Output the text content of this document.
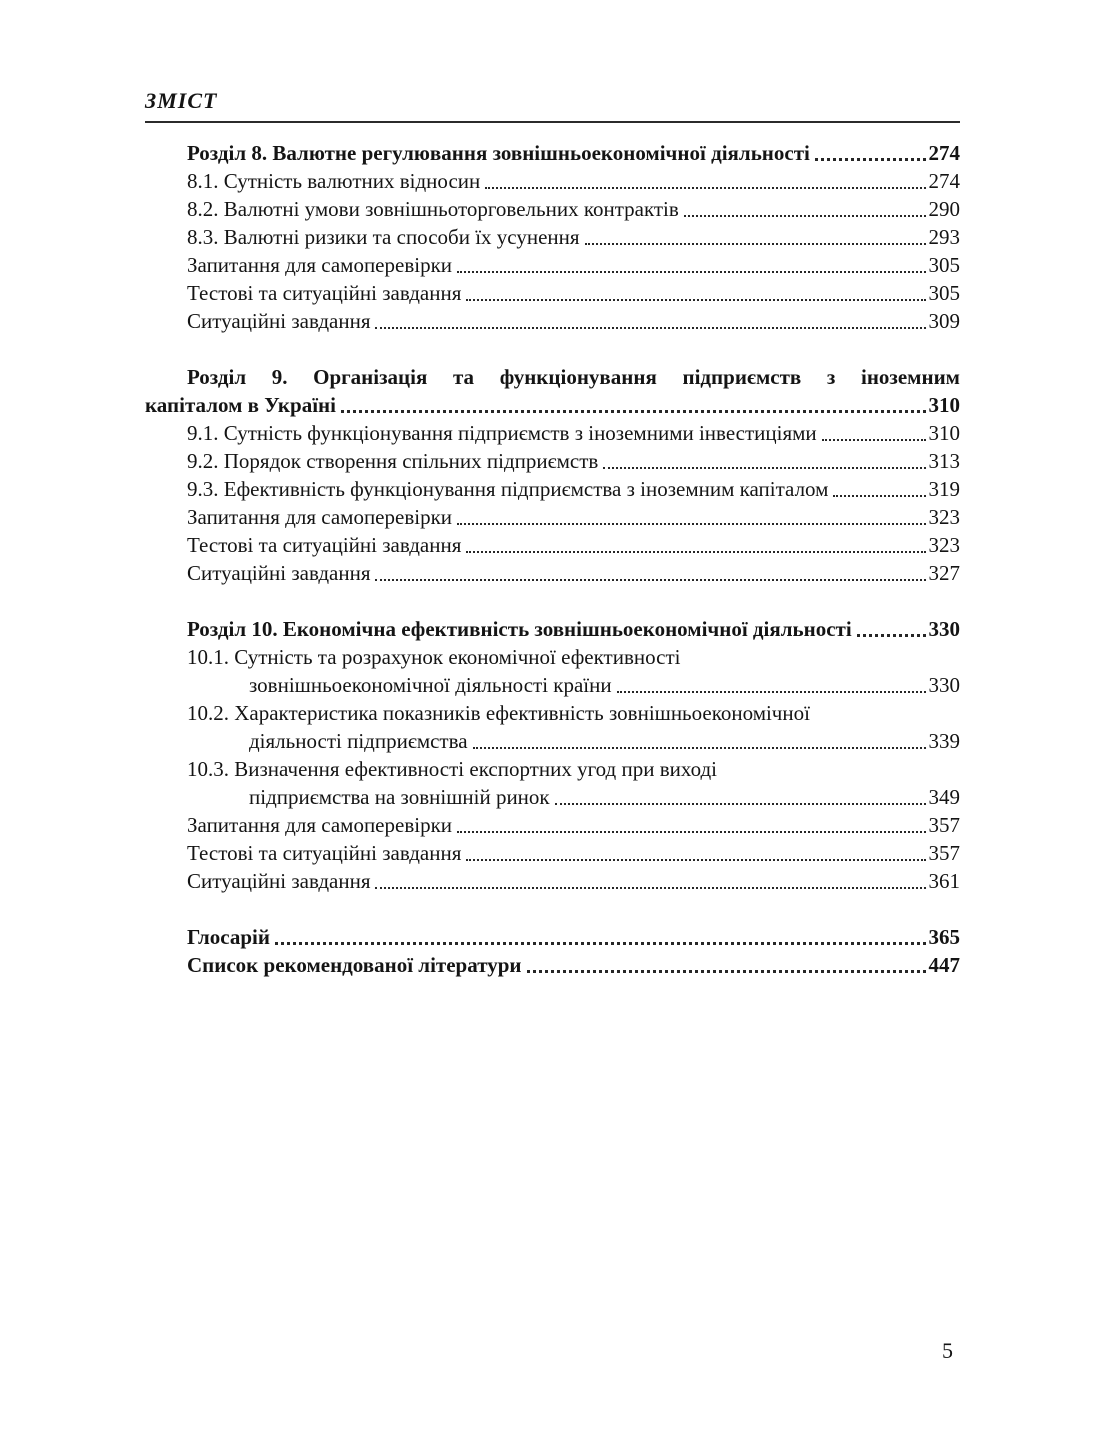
ЗМІСТ
Розділ 8. Валютне регулювання зовнішньоекономічної діяльності	274
8.1. Сутність валютних відносин	274
8.2. Валютні умови зовнішньоторговельних контрактів	290
8.3. Валютні ризики та способи їх усунення	293
Запитання для самоперевірки	305
Тестові та ситуаційні завдання	305
Ситуаційні завдання	309
Розділ 9. Організація та функціонування підприємств з іноземним
капіталом в Україні	310
9.1. Сутність функціонування підприємств з іноземними інвестиціями	310
9.2. Порядок створення спільних підприємств	313
9.3. Ефективність функціонування підприємства з іноземним капіталом	319
Запитання для самоперевірки	323
Тестові та ситуаційні завдання	323
Ситуаційні завдання	327
Розділ 10. Економічна ефективність зовнішньоекономічної діяльності	330
10.1. Сутність та розрахунок економічної ефективності
зовнішньоекономічної діяльності країни	330
10.2. Характеристика показників ефективність зовнішньоекономічної
діяльності підприємства	339
10.3. Визначення ефективності експортних угод при виході
підприємства на зовнішній ринок	349
Запитання для самоперевірки	357
Тестові та ситуаційні завдання	357
Ситуаційні завдання	361
Глосарій	365
Список рекомендованої літератури	447
5
